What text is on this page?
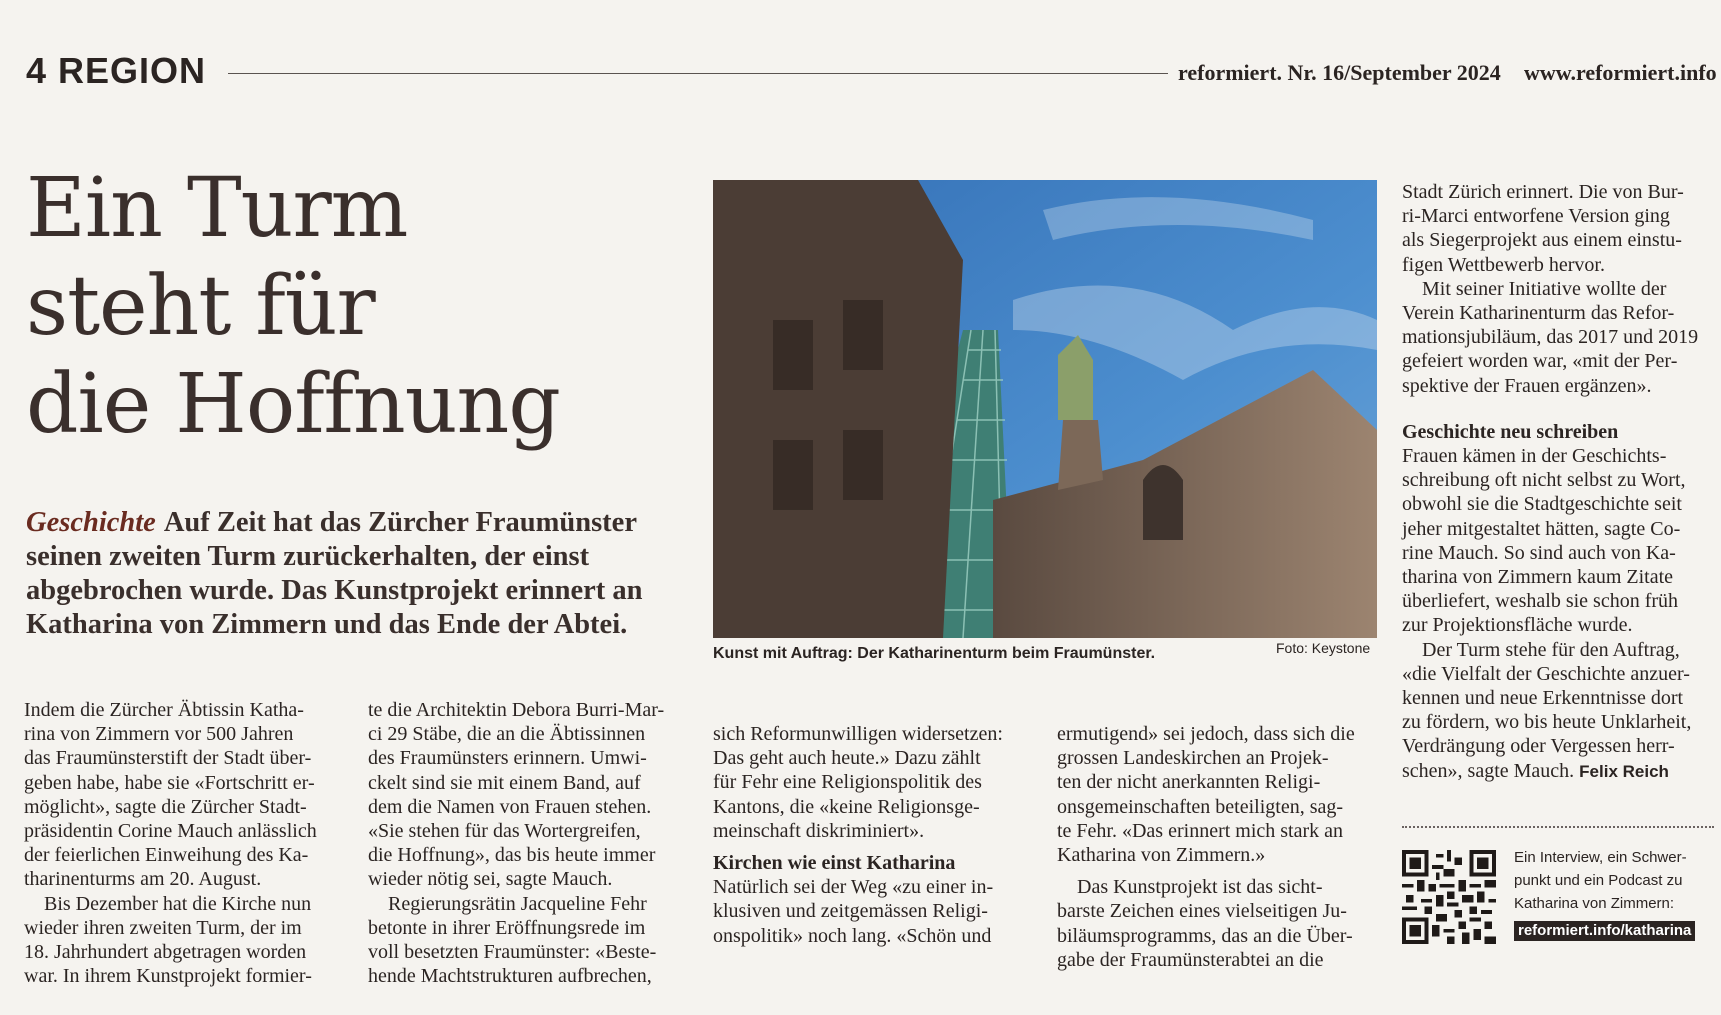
4 REGION	reformiert. Nr. 16/September 2024 www.reformiert.info
Ein Turm
steht für
die Hoffnung
Geschichte Auf Zeit hat das Zürcher Fraumünster
seinen zweiten Turm zurückerhalten, der einst
abgebrochen wurde. Das Kunstprojekt erinnert an
Katharina von Zimmern und das Ende der Abtei.
Kunst mit Auftrag: Der Katharinenturm beim Fraumünster.	Foto: Keystone

Indem die Zürcher Äbtissin Katha-

rina von Zimmern vor 500 Jahren

das Fraumünsterstift der Stadt über-

geben habe, habe sie «Fortschritt er-

möglicht», sagte die Zürcher Stadt-

präsidentin Corine Mauch anlässlich

der feierlichen Einweihung des Ka-

tharinenturms am 20. August.

Bis Dezember hat die Kirche nun

wieder ihren zweiten Turm, der im

18. Jahrhundert abgetragen worden

war. In ihrem Kunstprojekt formier-

te die Architektin Debora Burri-Mar-

ci 29 Stäbe, die an die Äbtissinnen

des Fraumünsters erinnern. Umwi-

ckelt sind sie mit einem Band, auf

dem die Namen von Frauen stehen.

«Sie stehen für das Wortergreifen,

die Hoffnung», das bis heute immer

wieder nötig sei, sagte Mauch.

Regierungsrätin Jacqueline Fehr

betonte in ihrer Eröffnungsrede im

voll besetzten Fraumünster: «Beste-

hende Machtstrukturen aufbrechen,

sich Reformunwilligen widersetzen:

Das geht auch heute.» Dazu zählt

für Fehr eine Religionspolitik des

Kantons, die «keine Religionsge-

meinschaft diskriminiert».

Kirchen wie einst Katharina

Natürlich sei der Weg «zu einer in-

klusiven und zeitgemässen Religi-

onspolitik» noch lang. «Schön und

ermutigend» sei jedoch, dass sich die

grossen Landeskirchen an Projek-

ten der nicht anerkannten Religi-

onsgemeinschaften beteiligten, sag-

te Fehr. «Das erinnert mich stark an

Katharina von Zimmern.»

Das Kunstprojekt ist das sicht-

barste Zeichen eines vielseitigen Ju-

biläumsprogramms, das an die Über-

gabe der Fraumünsterabtei an die

Stadt Zürich erinnert. Die von Bur-

ri-Marci entworfene Version ging

als Siegerprojekt aus einem einstu-

figen Wettbewerb hervor.

Mit seiner Initiative wollte der

Verein Katharinenturm das Refor-

mationsjubiläum, das 2017 und 2019

gefeiert worden war, «mit der Per-

spektive der Frauen ergänzen».

Geschichte neu schreiben

Frauen kämen in der Geschichts-

schreibung oft nicht selbst zu Wort,

obwohl sie die Stadtgeschichte seit

jeher mitgestaltet hätten, sagte Co-

rine Mauch. So sind auch von Ka-

tharina von Zimmern kaum Zitate

überliefert, weshalb sie schon früh

zur Projektionsfläche wurde.

Der Turm stehe für den Auftrag,

«die Vielfalt der Geschichte anzuer-

kennen und neue Erkenntnisse dort

zu fördern, wo bis heute Unklarheit,

Verdrängung oder Vergessen herr-

schen», sagte Mauch. Felix Reich

Ein Interview, ein Schwer-

punkt und ein Podcast zu

Katharina von Zimmern:

reformiert.info/katharina
